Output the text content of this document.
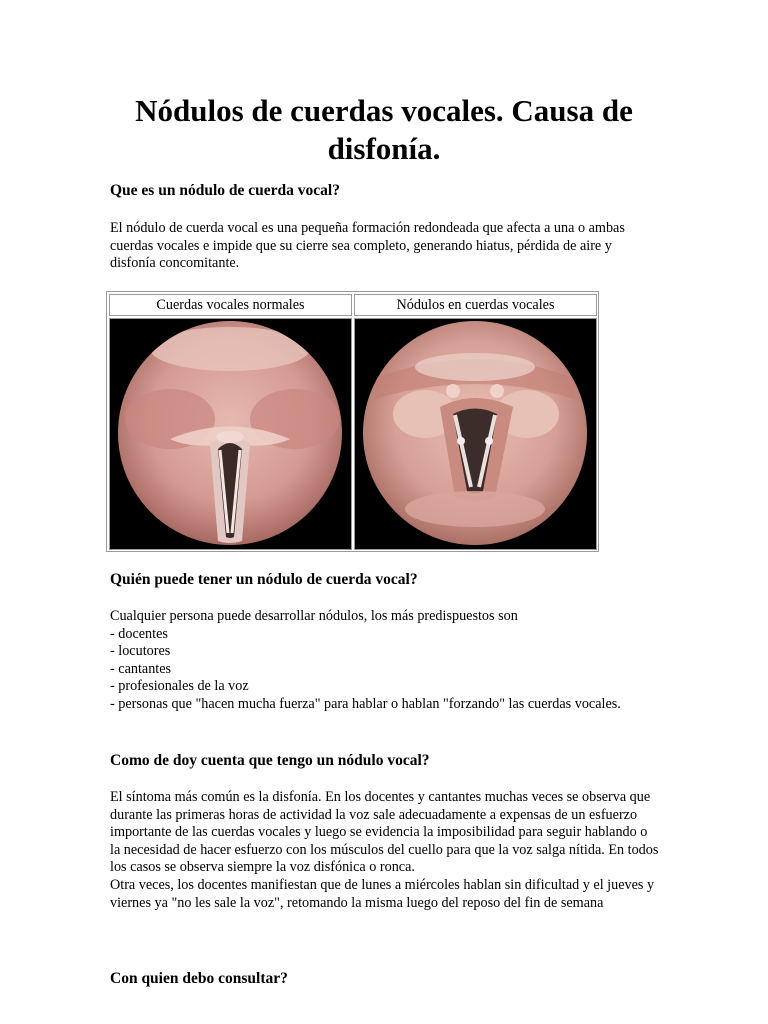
Nódulos de cuerdas vocales. Causa de disfonía.
Que es un nódulo de cuerda vocal?

El nódulo de cuerda vocal es una pequeña formación redondeada que afecta a una o ambas cuerdas vocales e impide que su cierre sea completo, generando hiatus, pérdida de aire y disfonía concomitante.

Cuerdas vocales normales	Nódulos en cuerdas vocales
Quién puede tener un nódulo de cuerda vocal?
Cualquier persona puede desarrollar nódulos, los más predispuestos son
- docentes
- locutores
- cantantes
- profesionales de la voz
- personas que "hacen mucha fuerza" para hablar o hablan "forzando" las cuerdas vocales.
Como de doy cuenta que tengo un nódulo vocal?
El síntoma más común es la disfonía. En los docentes y cantantes muchas veces se observa que durante las primeras horas de actividad la voz sale adecuadamente a expensas de un esfuerzo importante de las cuerdas vocales y luego se evidencia la imposibilidad para seguir hablando o la necesidad de hacer esfuerzo con los músculos del cuello para que la voz salga nítida. En todos los casos se observa siempre la voz disfónica o ronca.
Otra veces, los docentes manifiestan que de lunes a miércoles hablan sin dificultad y el jueves y viernes ya "no les sale la voz", retomando la misma luego del reposo del fin de semana
Con quien debo consultar?
